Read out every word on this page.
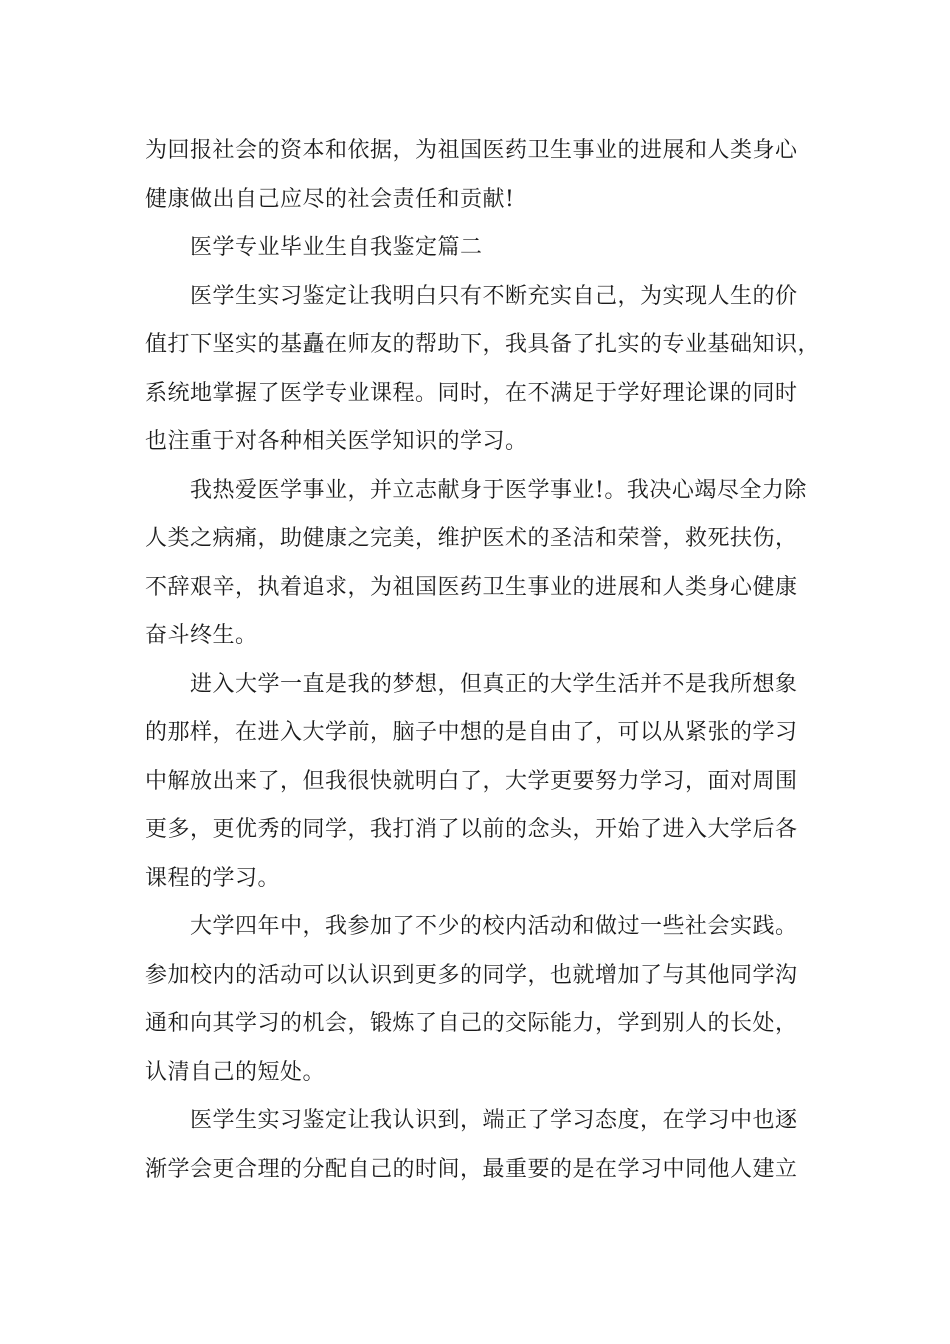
为回报社会的资本和依据，为祖国医药卫生事业的进展和人类身心
健康做出自己应尽的社会责任和贡献!
医学专业毕业生自我鉴定篇二
医学生实习鉴定让我明白只有不断充实自己，为实现人生的价
值打下坚实的基矗在师友的帮助下，我具备了扎实的专业基础知识，
系统地掌握了医学专业课程。同时，在不满足于学好理论课的同时
也注重于对各种相关医学知识的学习。
我热爱医学事业，并立志献身于医学事业!。我决心竭尽全力除
人类之病痛，助健康之完美，维护医术的圣洁和荣誉，救死扶伤，
不辞艰辛，执着追求，为祖国医药卫生事业的进展和人类身心健康
奋斗终生。
进入大学一直是我的梦想，但真正的大学生活并不是我所想象
的那样，在进入大学前，脑子中想的是自由了，可以从紧张的学习
中解放出来了，但我很快就明白了，大学更要努力学习，面对周围
更多，更优秀的同学，我打消了以前的念头，开始了进入大学后各
课程的学习。
大学四年中，我参加了不少的校内活动和做过一些社会实践。
参加校内的活动可以认识到更多的同学，也就增加了与其他同学沟
通和向其学习的机会，锻炼了自己的交际能力，学到别人的长处，
认清自己的短处。
医学生实习鉴定让我认识到，端正了学习态度，在学习中也逐
渐学会更合理的分配自己的时间，最重要的是在学习中同他人建立
